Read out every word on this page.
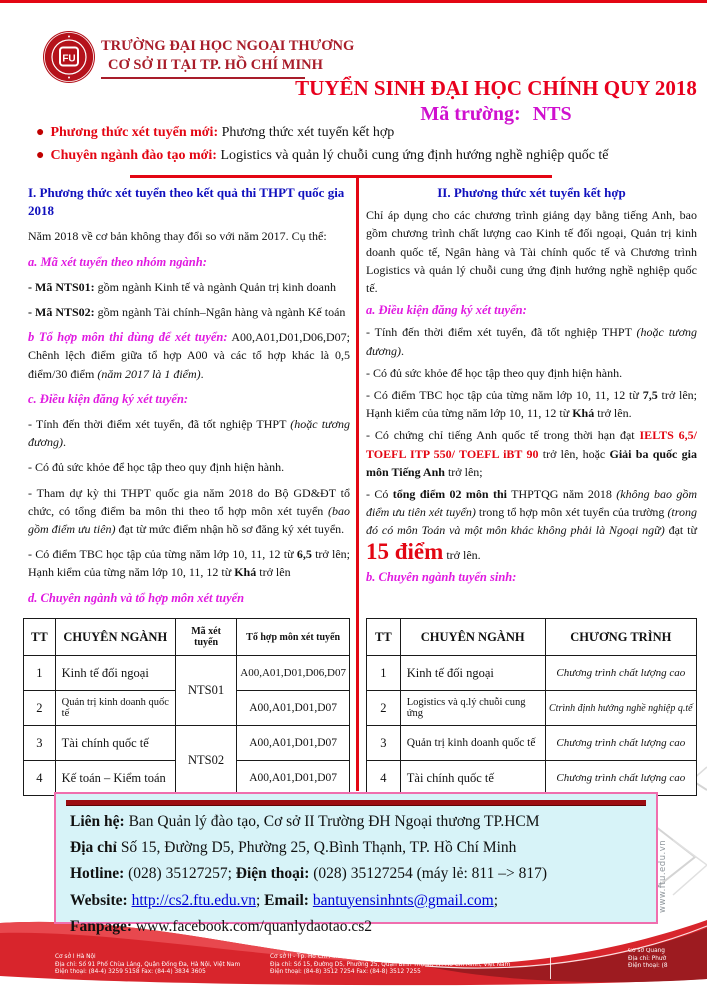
FU
TRƯỜNG ĐẠI HỌC NGOẠI THƯƠNG
CƠ SỞ II TẠI TP. HỒ CHÍ MINH
TUYỂN SINH ĐẠI HỌC CHÍNH QUY 2018
Mã trường: NTS
● Phương thức xét tuyển mới: Phương thức xét tuyển kết hợp
● Chuyên ngành đào tạo mới: Logistics và quản lý chuỗi cung ứng định hướng nghề nghiệp quốc tế

I. Phương thức xét tuyển theo kết quả thi THPT quốc gia 2018

Năm 2018 về cơ bản không thay đổi so với năm 2017. Cụ thể:

a. Mã xét tuyển theo nhóm ngành:

- Mã NTS01: gồm ngành Kinh tế và ngành Quản trị kinh doanh

- Mã NTS02: gồm ngành Tài chính–Ngân hàng và ngành Kế toán

b Tổ hợp môn thi dùng để xét tuyển: A00,A01,D01,D06,D07; Chênh lệch điểm giữa tổ hợp A00 và các tổ hợp khác là 0,5 điểm/30 điểm (năm 2017 là 1 điểm).

c. Điều kiện đăng ký xét tuyển:

- Tính đến thời điểm xét tuyển, đã tốt nghiệp THPT (hoặc tương đương).

- Có đủ sức khỏe để học tập theo quy định hiện hành.

- Tham dự kỳ thi THPT quốc gia năm 2018 do Bộ GD&ĐT tổ chức, có tổng điểm ba môn thi theo tổ hợp môn xét tuyển (bao gồm điểm ưu tiên) đạt từ mức điểm nhận hồ sơ đăng ký xét tuyển.

- Có điểm TBC học tập của từng năm lớp 10, 11, 12 từ 6,5 trở lên; Hạnh kiểm của từng năm lớp 10, 11, 12 từ Khá trở lên

d. Chuyên ngành và tổ hợp môn xét tuyển

II. Phương thức xét tuyển kết hợp

Chỉ áp dụng cho các chương trình giảng dạy bằng tiếng Anh, bao gồm chương trình chất lượng cao Kinh tế đối ngoại, Quản trị kinh doanh quốc tế, Ngân hàng và Tài chính quốc tế và Chương trình Logistics và quản lý chuỗi cung ứng định hướng nghề nghiệp quốc tế.

a. Điều kiện đăng ký xét tuyển:

- Tính đến thời điểm xét tuyển, đã tốt nghiệp THPT (hoặc tương đương).

- Có đủ sức khỏe để học tập theo quy định hiện hành.

- Có điểm TBC học tập của từng năm lớp 10, 11, 12 từ 7,5 trở lên; Hạnh kiểm của từng năm lớp 10, 11, 12 từ Khá trở lên.

- Có chứng chỉ tiếng Anh quốc tế trong thời hạn đạt IELTS 6,5/ TOEFL ITP 550/ TOEFL iBT 90 trở lên, hoặc Giải ba quốc gia môn Tiếng Anh trở lên;

- Có tổng điểm 02 môn thi THPTQG năm 2018 (không bao gồm điểm ưu tiên xét tuyển) trong tổ hợp môn xét tuyển của trường (trong đó có môn Toán và một môn khác không phải là Ngoại ngữ) đạt từ 15 điểm trở lên.

b. Chuyên ngành tuyển sinh:

TT	CHUYÊN NGÀNH	Mã xét tuyển	Tổ hợp môn xét tuyển
1	Kinh tế đối ngoại	NTS01	A00,A01,D01,D06,D07
2	Quản trị kinh doanh quốc tế		A00,A01,D01,D07
3	Tài chính quốc tế	NTS02	A00,A01,D01,D07
4	Kế toán – Kiểm toán		A00,A01,D01,D07
TT	CHUYÊN NGÀNH	CHƯƠNG TRÌNH
1	Kinh tế đối ngoại	Chương trình chất lượng cao
2	Logistics và q.lý chuỗi cung ứng	Ctrình định hướng nghề nghiệp q.tế
3	Quản trị kinh doanh quốc tế	Chương trình chất lượng cao
4	Tài chính quốc tế	Chương trình chất lượng cao
www.ftu.edu.vn
Liên hệ: Ban Quản lý đào tạo, Cơ sở II Trường ĐH Ngoại thương TP.HCM
Địa chỉ Số 15, Đường D5, Phường 25, Q.Bình Thạnh, TP. Hồ Chí Minh
Hotline: (028) 35127257; Điện thoại: (028) 35127254 (máy lẻ: 811 –> 817)
Website: http://cs2.ftu.edu.vn; Email: bantuyensinhnts@gmail.com;
Fanpage: www.facebook.com/quanlydaotao.cs2
Cơ sở I Hà Nội
Địa chỉ: Số 91 Phố Chùa Láng, Quận Đống Đa, Hà Nội, Việt Nam
Điện thoại: (84-4) 3259 5158 Fax: (84-4) 3834 3605
Cơ sở II - Tp. Hồ Chí Minh
Địa chỉ: Số 15, Đường D5, Phường 25, Quận Bình Thạnh, TP. Hồ Chí Minh, Việt Nam
Điện thoại: (84-8) 3512 7254 Fax: (84-8) 3512 7255
Cơ sở Quảng
Địa chỉ: Phườ
Điện thoại: (8
